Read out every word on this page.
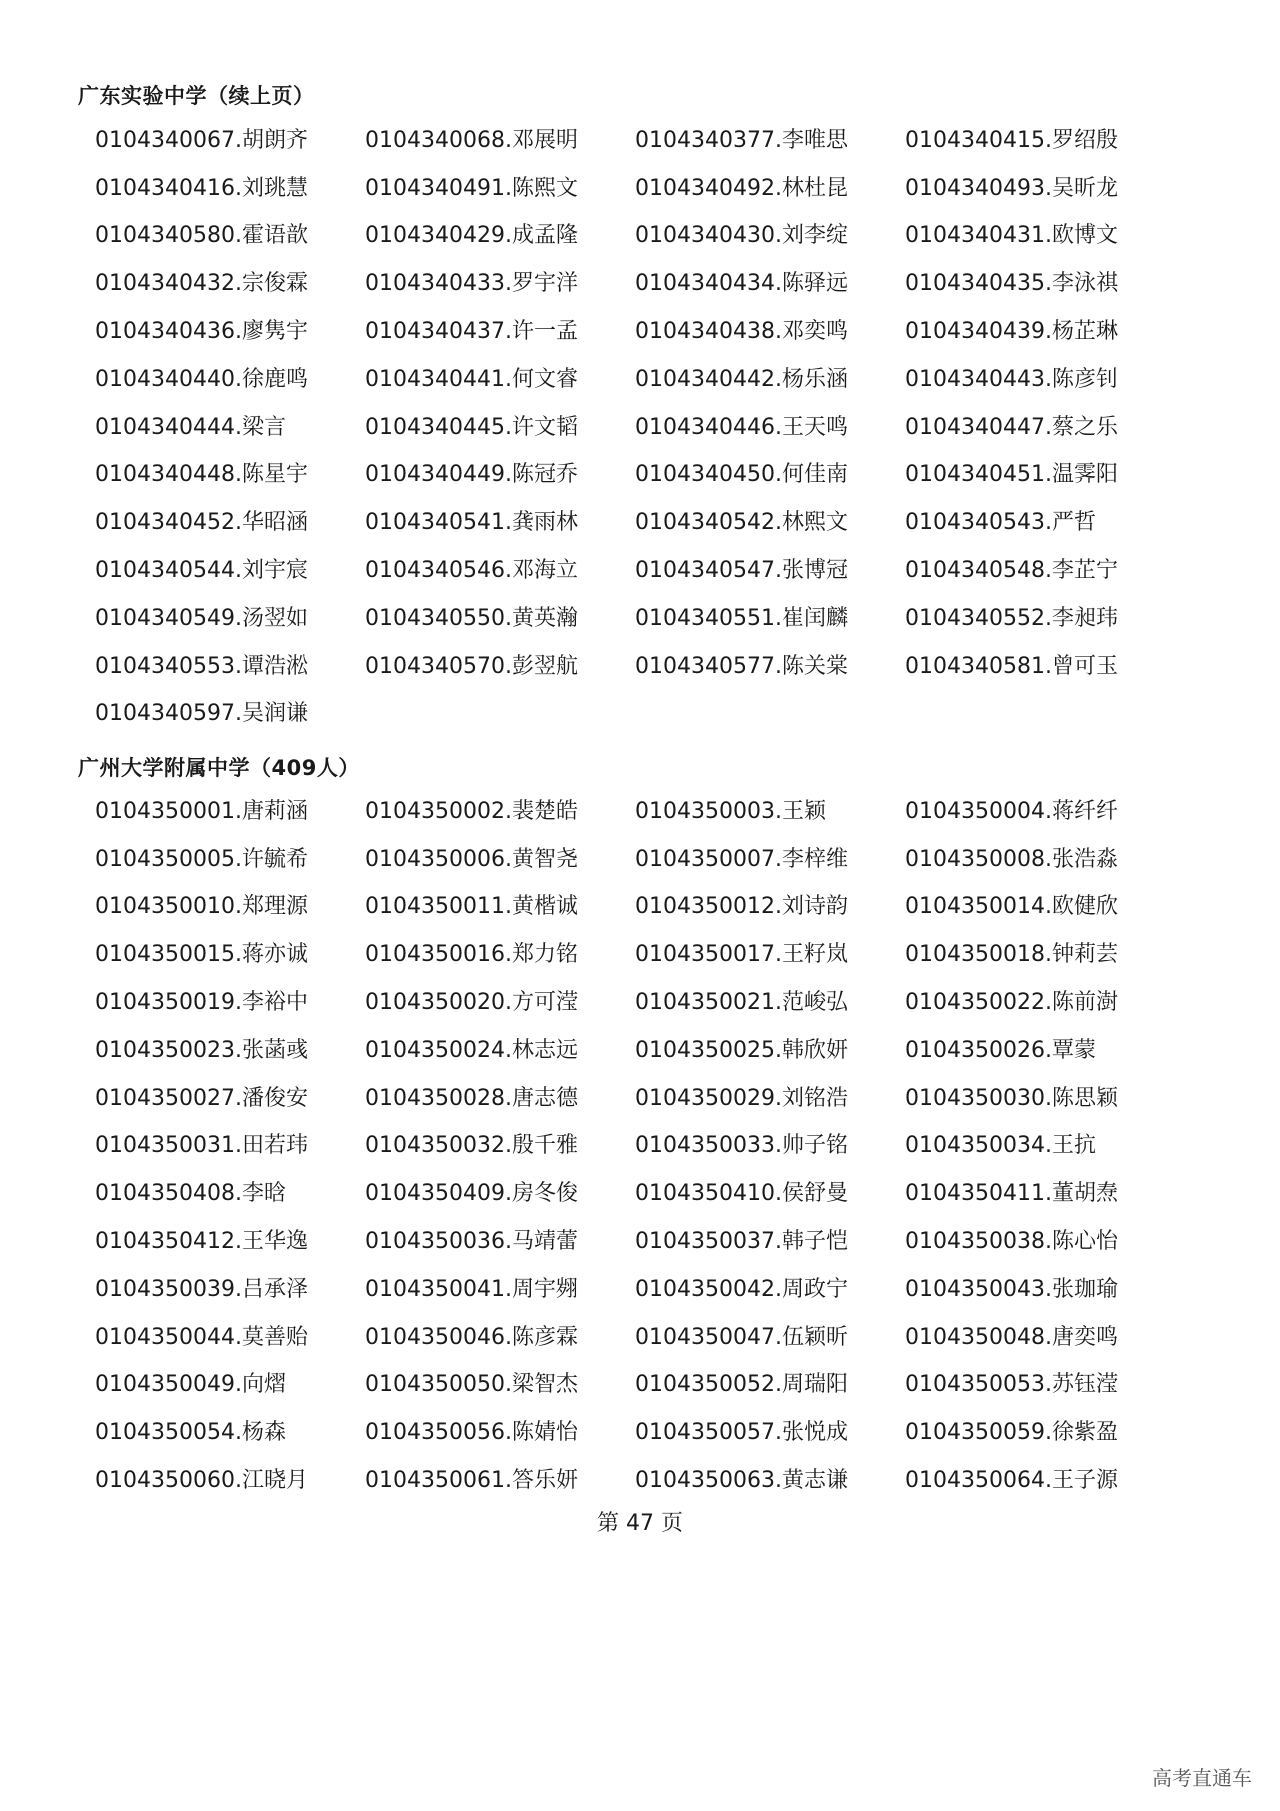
广东实验中学（续上页）
0104340067.胡朗齐	0104340068.邓展明	0104340377.李唯思	0104340415.罗绍殷
0104340416.刘珧慧	0104340491.陈熙文	0104340492.林杜昆	0104340493.吴昕龙
0104340580.霍语歆	0104340429.成孟隆	0104340430.刘李绽	0104340431.欧博文
0104340432.宗俊霖	0104340433.罗宇洋	0104340434.陈驿远	0104340435.李泳祺
0104340436.廖隽宇	0104340437.许一孟	0104340438.邓奕鸣	0104340439.杨芷琳
0104340440.徐鹿鸣	0104340441.何文睿	0104340442.杨乐涵	0104340443.陈彦钊
0104340444.梁言	0104340445.许文韬	0104340446.王天鸣	0104340447.蔡之乐
0104340448.陈星宇	0104340449.陈冠乔	0104340450.何佳南	0104340451.温霁阳
0104340452.华昭涵	0104340541.龚雨林	0104340542.林熙文	0104340543.严哲
0104340544.刘宇宸	0104340546.邓海立	0104340547.张博冠	0104340548.李芷宁
0104340549.汤翌如	0104340550.黄英瀚	0104340551.崔闰麟	0104340552.李昶玮
0104340553.谭浩淞	0104340570.彭翌航	0104340577.陈关棠	0104340581.曾可玉
0104340597.吴润谦
广州大学附属中学（409人）
0104350001.唐莉涵	0104350002.裴楚皓	0104350003.王颖	0104350004.蒋纤纤
0104350005.许毓希	0104350006.黄智尧	0104350007.李梓维	0104350008.张浩淼
0104350010.郑理源	0104350011.黄楷诚	0104350012.刘诗韵	0104350014.欧健欣
0104350015.蒋亦诚	0104350016.郑力铭	0104350017.王籽岚	0104350018.钟莉芸
0104350019.李裕中	0104350020.方可滢	0104350021.范峻弘	0104350022.陈前澍
0104350023.张菡彧	0104350024.林志远	0104350025.韩欣妍	0104350026.覃蒙
0104350027.潘俊安	0104350028.唐志德	0104350029.刘铭浩	0104350030.陈思颖
0104350031.田若玮	0104350032.殷千雅	0104350033.帅子铭	0104350034.王抗
0104350408.李晗	0104350409.房冬俊	0104350410.侯舒曼	0104350411.董胡焘
0104350412.王华逸	0104350036.马靖蕾	0104350037.韩子恺	0104350038.陈心怡
0104350039.吕承泽	0104350041.周宇翙	0104350042.周政宁	0104350043.张珈瑜
0104350044.莫善贻	0104350046.陈彦霖	0104350047.伍颖昕	0104350048.唐奕鸣
0104350049.向熠	0104350050.梁智杰	0104350052.周瑞阳	0104350053.苏钰滢
0104350054.杨森	0104350056.陈婧怡	0104350057.张悦成	0104350059.徐紫盈
0104350060.江晓月	0104350061.答乐妍	0104350063.黄志谦	0104350064.王子源
第 47 页
高考直通车
